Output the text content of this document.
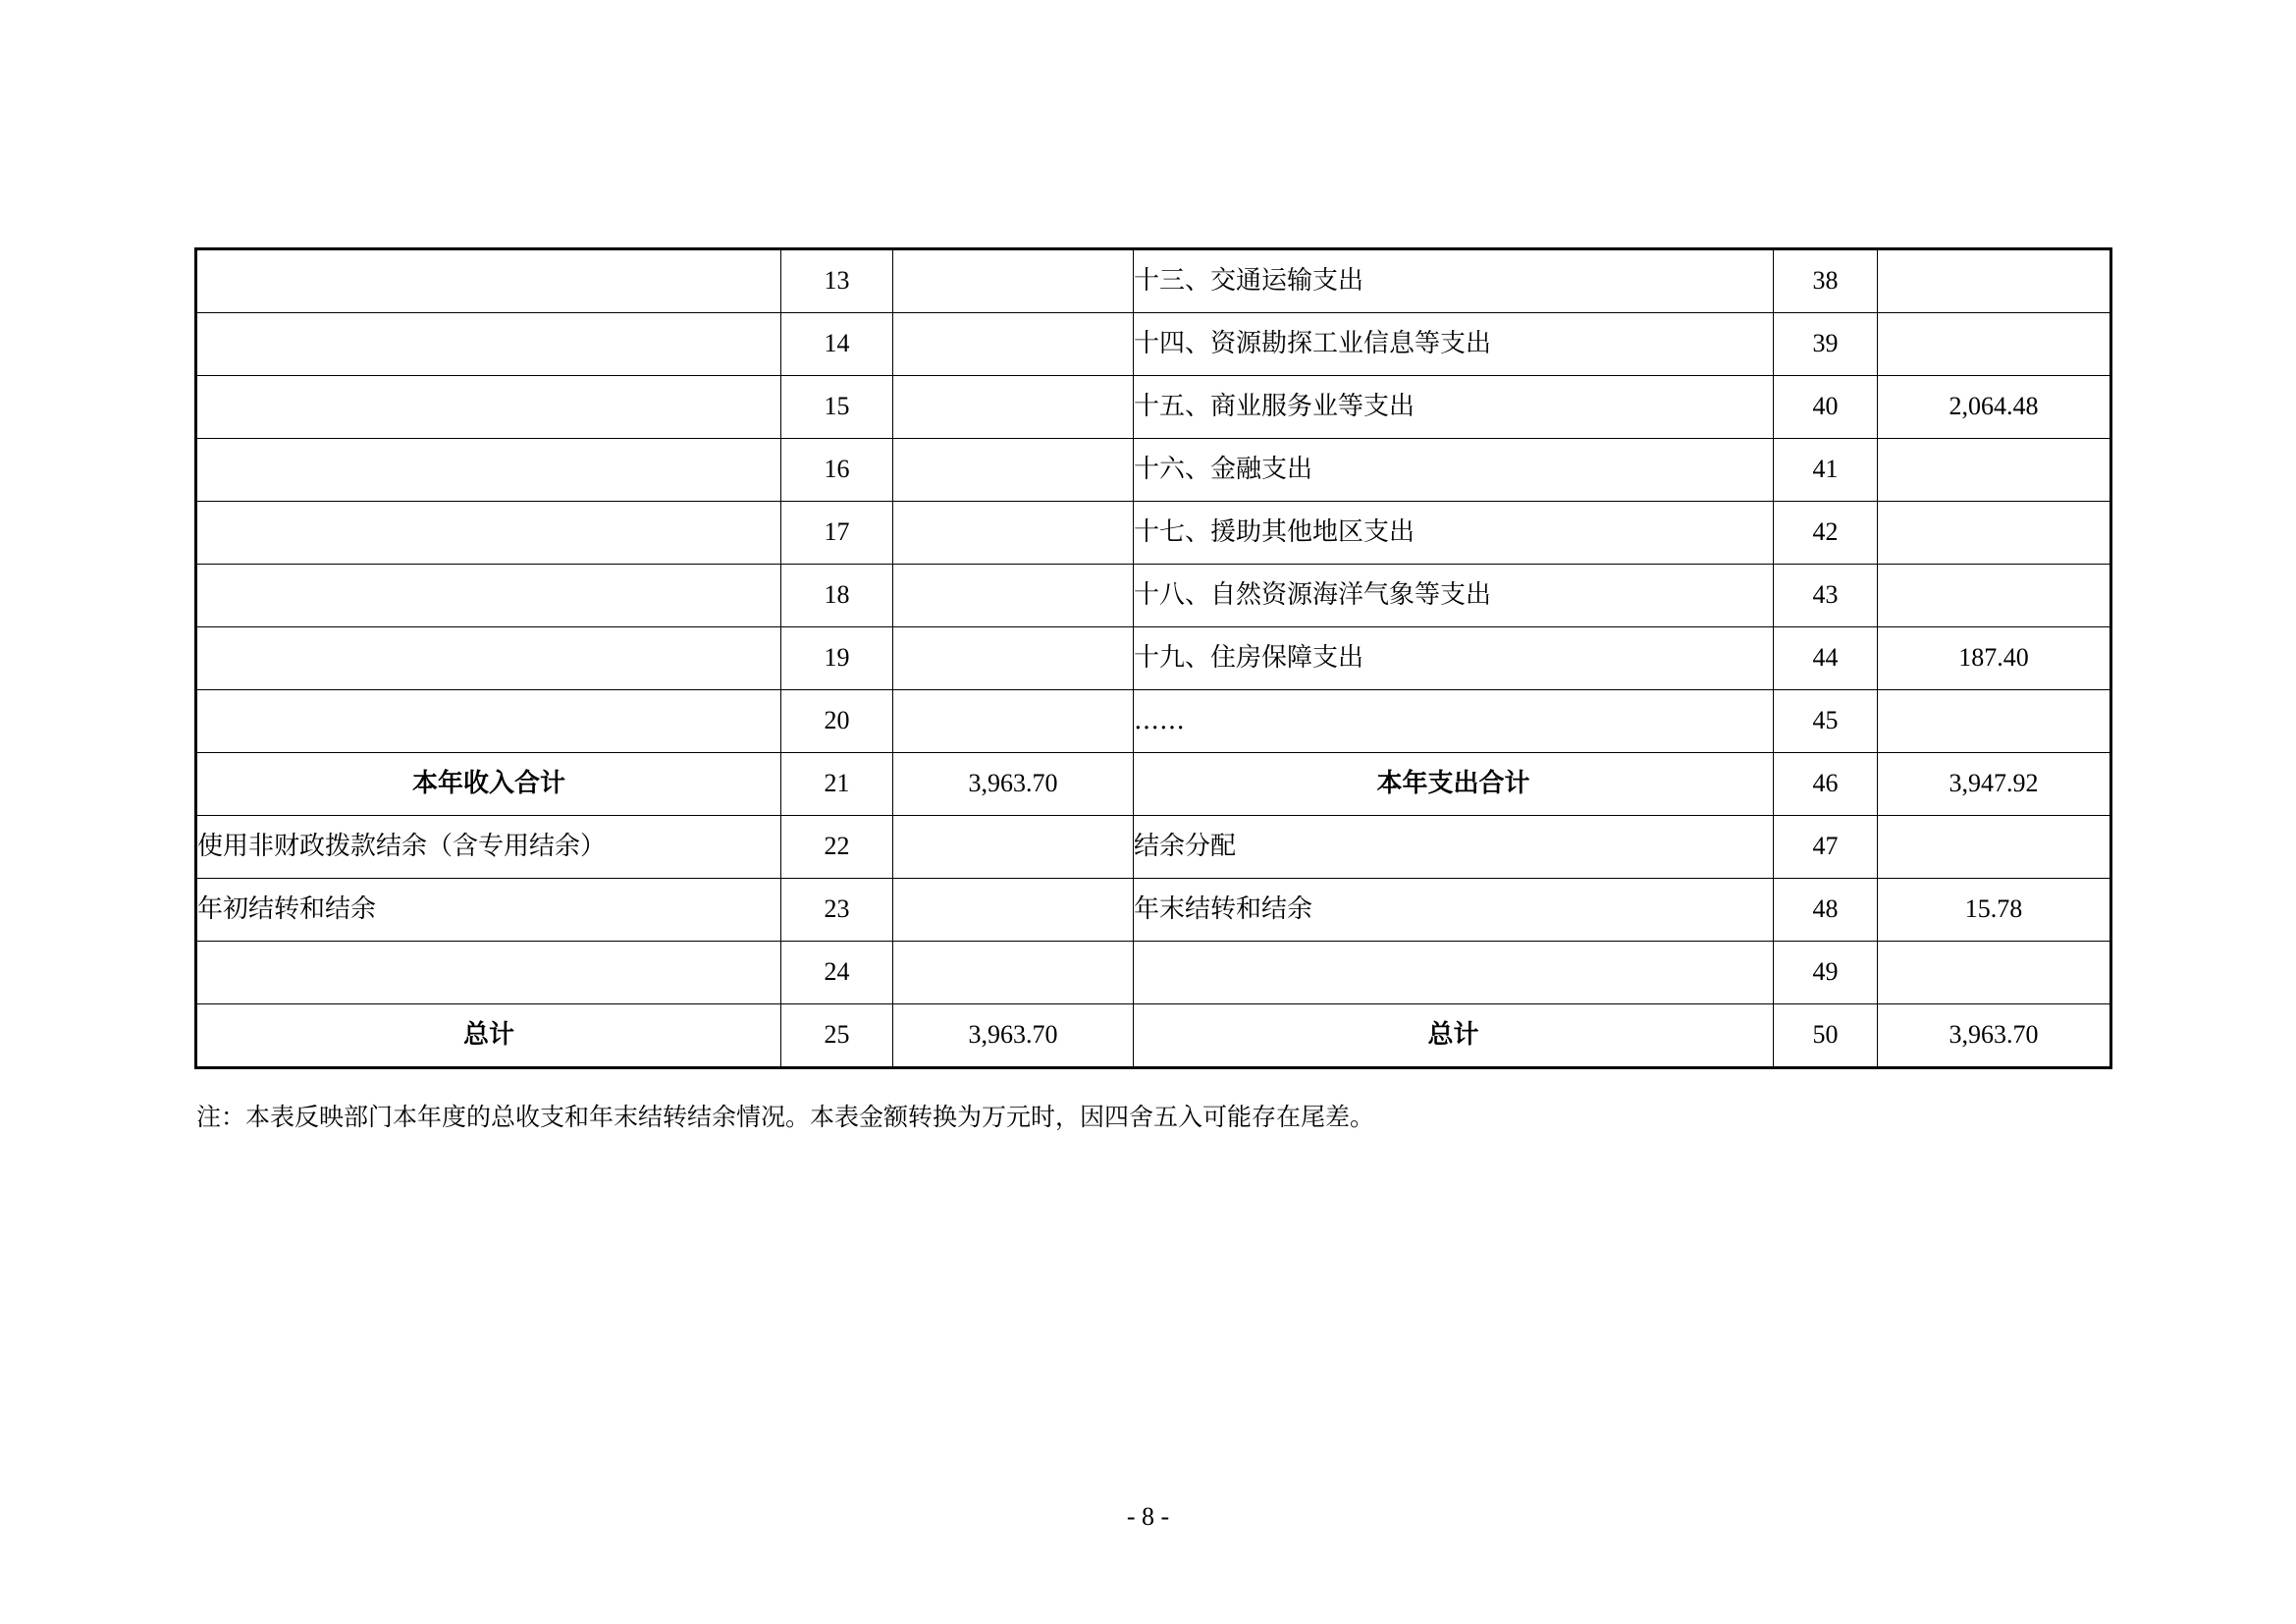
	13		十三、交通运输支出	38	
	14		十四、资源勘探工业信息等支出	39	
	15		十五、商业服务业等支出	40	2,064.48
	16		十六、金融支出	41	
	17		十七、援助其他地区支出	42	
	18		十八、自然资源海洋气象等支出	43	
	19		十九、住房保障支出	44	187.40
	20		……	45	
本年收入合计	21	3,963.70	本年支出合计	46	3,947.92
使用非财政拨款结余（含专用结余）	22		结余分配	47	
年初结转和结余	23		年末结转和结余	48	15.78
	24			49	
总计	25	3,963.70	总计	50	3,963.70
注：本表反映部门本年度的总收支和年末结转结余情况。本表金额转换为万元时，因四舍五入可能存在尾差。
- 8 -
